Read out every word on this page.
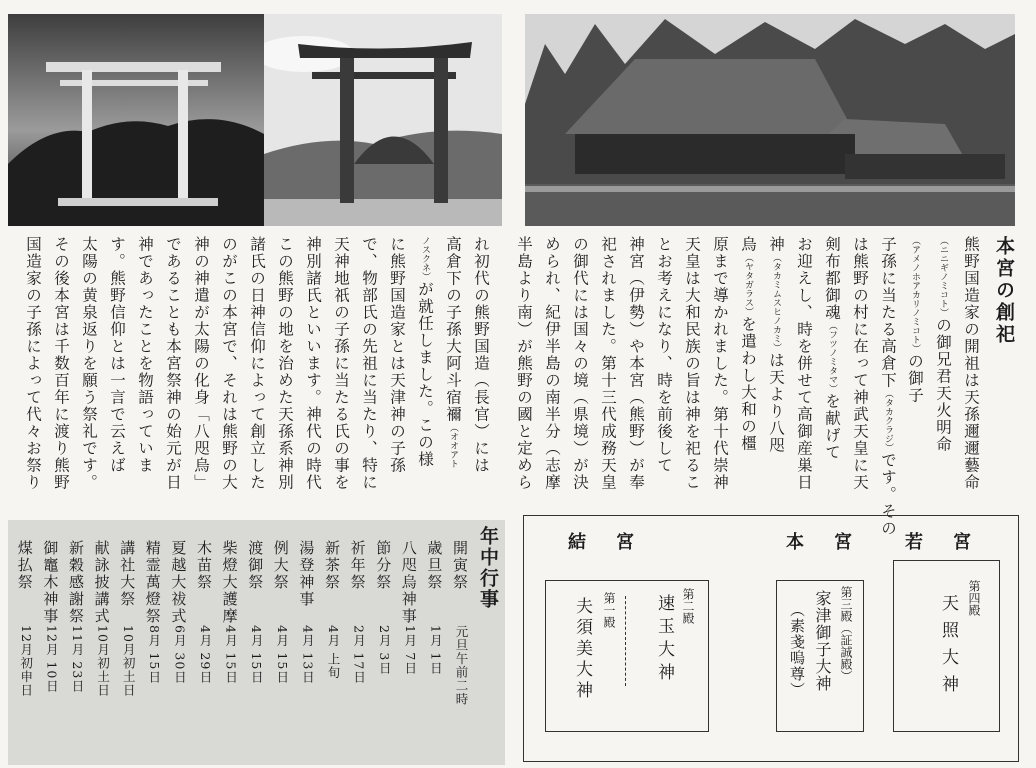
本宮の創祀
熊野国造家の開祖は天孫邇邇藝命
（ニニギノミコト）の御兄君天火明命
（アメノホアカリノミコト）の御子
子孫に当たる高倉下（タカクラジ）です。その
は熊野の村に在って神武天皇に天
剣布都御魂（フツノミタマ）を献げて
お迎えし、時を併せて高御産巣日
神（タカミムスヒノカミ）は天より八咫
烏（ヤタガラス）を遣わし大和の橿
原まで導かれました。第十代崇神
天皇は大和民族の旨は神を祀るこ
とお考えになり、時を前後して
神宮（伊勢）や本宮（熊野）が奉
祀されました。第十三代成務天皇
の御代には国々の境（県境）が決
められ、紀伊半島の南半分（志摩
半島より南）が熊野の國と定めら
れ初代の熊野国造（長官）には
高倉下の子孫大阿斗宿禰（オオアト
ノスクネ）が就任しました。この様
に熊野国造家とは天津神の子孫
で、物部氏の先祖に当たり、特に
天神地祇の子孫に当たる氏の事を
神別諸氏といいます。神代の時代
この熊野の地を治めた天孫系神別
諸氏の日神信仰によって創立した
のがこの本宮で、それは熊野の大
神の神遣が太陽の化身「八咫烏」
であることも本宮祭神の始元が日
神であったことを物語っていま
す。熊野信仰とは一言で云えば
太陽の黄泉返りを願う祭礼です。
その後本宮は千数百年に渡り熊野
国造家の子孫によって代々お祭り
年中行事
開寅祭
元旦午前二時
歳旦祭
1月 1日
八咫烏神事
1月 7日
節分祭
2月 3日
祈年祭
2月 17日
新茶祭
4月 上旬
湯登神事
4月 13日
例大祭
4月 15日
渡御祭
4月 15日
柴燈大護摩
4月 15日
木苗祭
4月 29日
夏越大祓式
6月 30日
精霊萬燈祭
8月 15日
講社大祭
10月初土日
献詠披講式
10月初土日
新穀感謝祭
11月 23日
御竈木神事
12月 10日
煤払祭
12月初申日
結宮	本宮 若宮
第二殿
速玉大神
第一殿
夫須美大神	第三殿（証誠殿）
家津御子大神
（素戔嗚尊）
第四殿
天照大神
